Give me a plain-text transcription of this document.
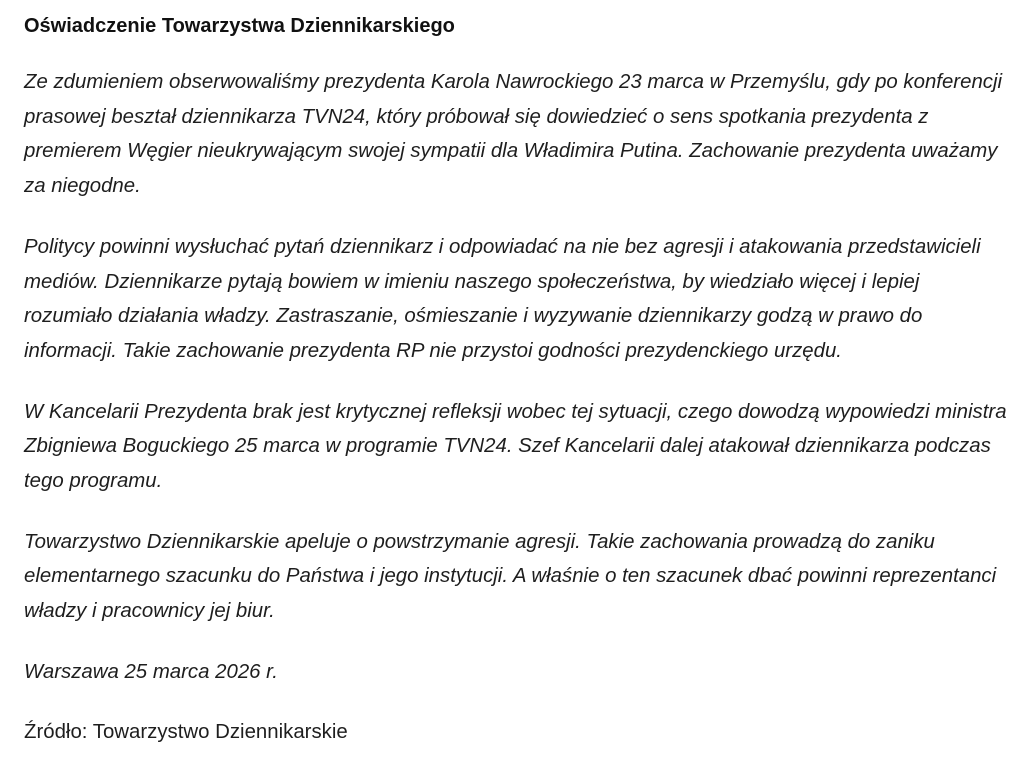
Oświadczenie Towarzystwa Dziennikarskiego

Ze zdumieniem obserwowaliśmy prezydenta Karola Nawrockiego 23 marca w Przemyślu, gdy po konferencji prasowej beształ dziennikarza TVN24, który próbował się dowiedzieć o sens spotkania prezydenta z premierem Węgier nieukrywającym swojej sympatii dla Władimira Putina. Zachowanie prezydenta uważamy za niegodne.

Politycy powinni wysłuchać pytań dziennikarz i odpowiadać na nie bez agresji i atakowania przedstawicieli mediów. Dziennikarze pytają bowiem w imieniu naszego społeczeństwa, by wiedziało więcej i lepiej rozumiało działania władzy. Zastraszanie, ośmieszanie i wyzywanie dziennikarzy godzą w prawo do informacji. Takie zachowanie prezydenta RP nie przystoi godności prezydenckiego urzędu.

W Kancelarii Prezydenta brak jest krytycznej refleksji wobec tej sytuacji, czego dowodzą wypowiedzi ministra Zbigniewa Boguckiego 25 marca w programie TVN24. Szef Kancelarii dalej atakował dziennikarza podczas tego programu.

Towarzystwo Dziennikarskie apeluje o powstrzymanie agresji. Takie zachowania prowadzą do zaniku elementarnego szacunku do Państwa i jego instytucji. A właśnie o ten szacunek dbać powinni reprezentanci władzy i pracownicy jej biur.

Warszawa 25 marca 2026 r.

Źródło: Towarzystwo Dziennikarskie
